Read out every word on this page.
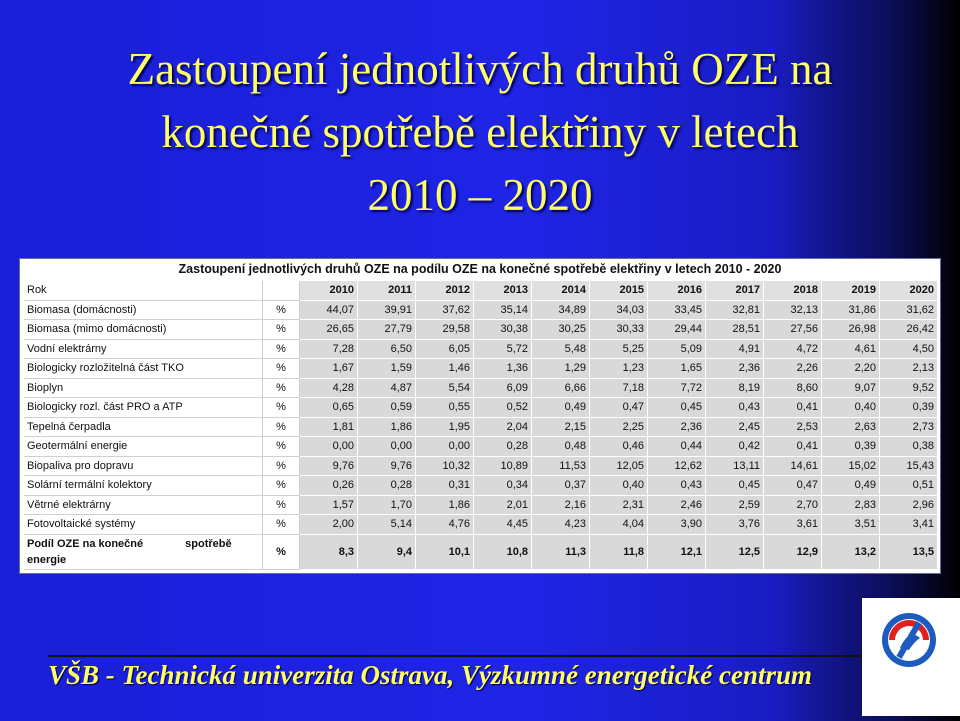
Zastoupení jednotlivých druhů OZE na
konečné spotřebě elektřiny v letech
2010 – 2020
Zastoupení jednotlivých druhů OZE na podílu OZE na konečné spotřebě elektřiny v letech 2010 - 2020
Rok		2010	2011	2012	2013	2014	2015	2016	2017	2018	2019	2020
Biomasa (domácnosti)	%	44,07	39,91	37,62	35,14	34,89	34,03	33,45	32,81	32,13	31,86	31,62
Biomasa (mimo domácnosti)	%	26,65	27,79	29,58	30,38	30,25	30,33	29,44	28,51	27,56	26,98	26,42
Vodní elektrárny	%	7,28	6,50	6,05	5,72	5,48	5,25	5,09	4,91	4,72	4,61	4,50
Biologicky rozložitelná část TKO	%	1,67	1,59	1,46	1,36	1,29	1,23	1,65	2,36	2,26	2,20	2,13
Bioplyn	%	4,28	4,87	5,54	6,09	6,66	7,18	7,72	8,19	8,60	9,07	9,52
Biologicky rozl. část PRO a ATP	%	0,65	0,59	0,55	0,52	0,49	0,47	0,45	0,43	0,41	0,40	0,39
Tepelná čerpadla	%	1,81	1,86	1,95	2,04	2,15	2,25	2,36	2,45	2,53	2,63	2,73
Geotermální energie	%	0,00	0,00	0,00	0,28	0,48	0,46	0,44	0,42	0,41	0,39	0,38
Biopaliva pro dopravu	%	9,76	9,76	10,32	10,89	11,53	12,05	12,62	13,11	14,61	15,02	15,43
Solární termální kolektory	%	0,26	0,28	0,31	0,34	0,37	0,40	0,43	0,45	0,47	0,49	0,51
Větrné elektrárny	%	1,57	1,70	1,86	2,01	2,16	2,31	2,46	2,59	2,70	2,83	2,96
Fotovoltaické systémy	%	2,00	5,14	4,76	4,45	4,23	4,04	3,90	3,76	3,61	3,51	3,41

Podíl OZE na konečné spotřebě
energie	%	8,3	9,4	10,1	10,8	11,3	11,8	12,1	12,5	12,9	13,2	13,5
VŠB - Technická univerzita Ostrava, Výzkumné energetické centrum
